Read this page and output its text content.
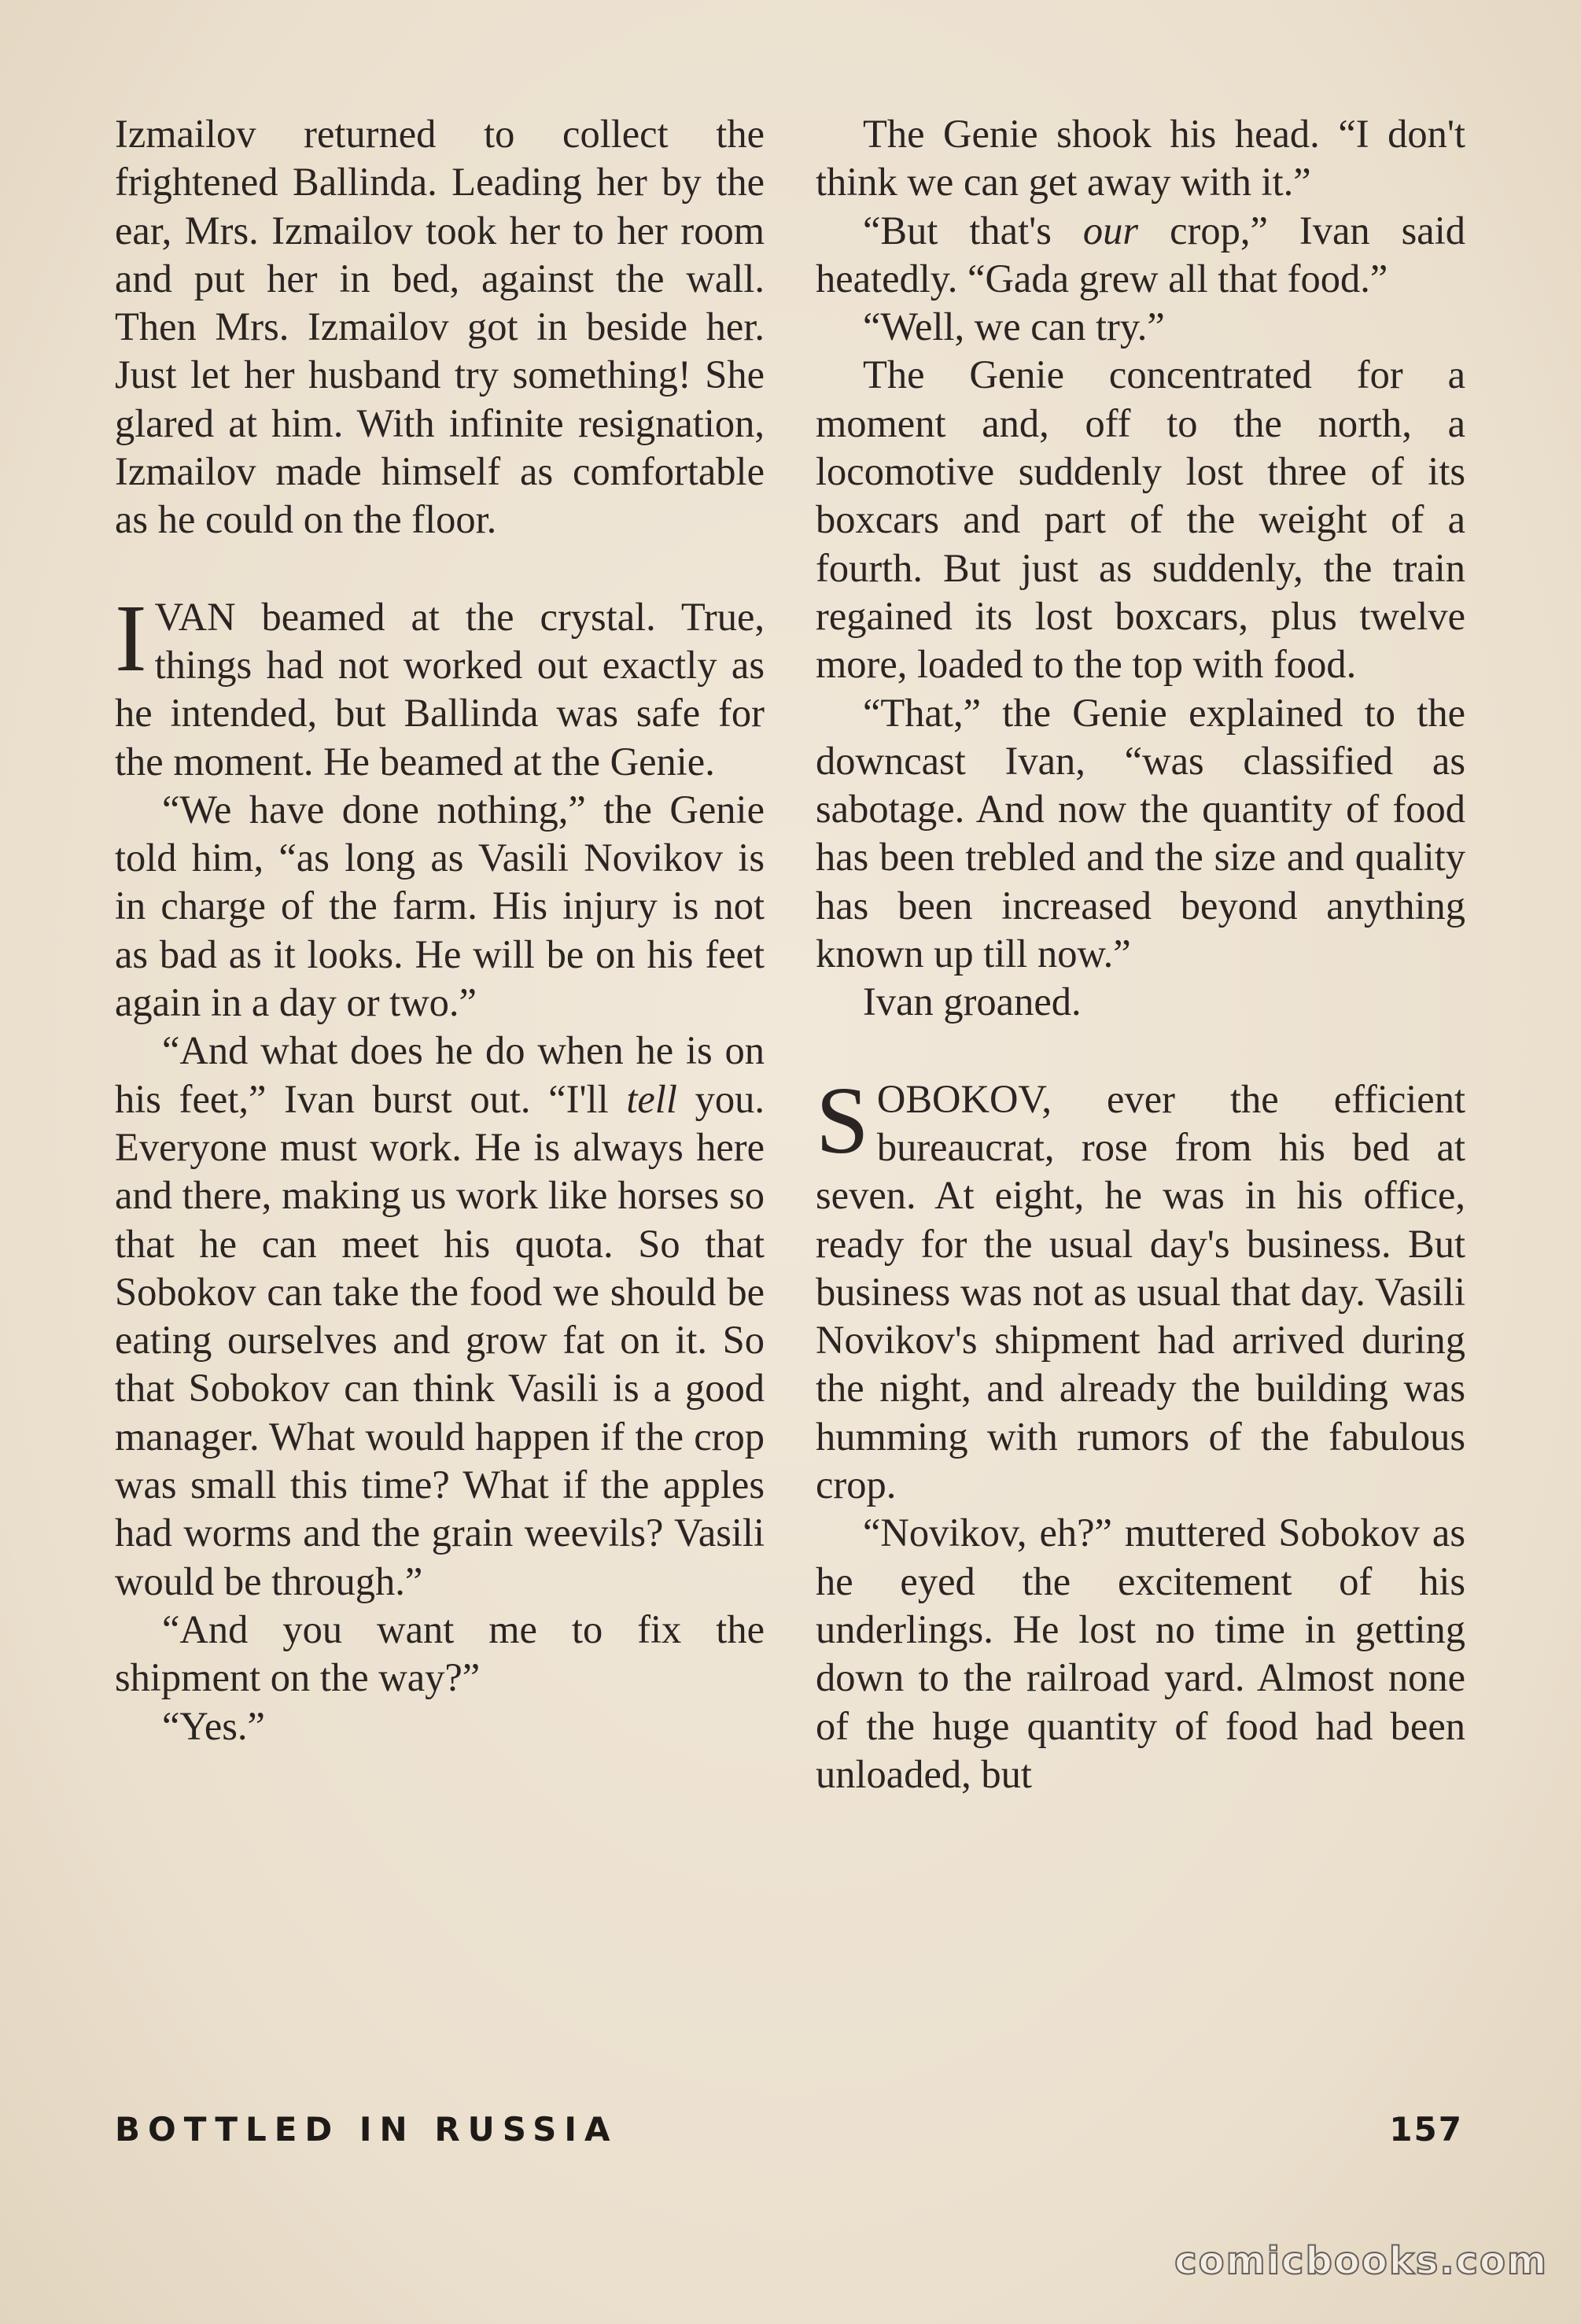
Izmailov returned to collect the frightened Ballinda. Leading her by the ear, Mrs. Izmailov took her to her room and put her in bed, against the wall. Then Mrs. Izmailov got in beside her. Just let her husband try something! She glared at him. With infinite resignation, Izmailov made himself as comfortable as he could on the floor.

IVAN beamed at the crystal. True, things had not worked out exactly as he intended, but Ballinda was safe for the moment. He beamed at the Genie.

“We have done nothing,” the Genie told him, “as long as Vasili Novikov is in charge of the farm. His injury is not as bad as it looks. He will be on his feet again in a day or two.”

“And what does he do when he is on his feet,” Ivan burst out. “I'll tell you. Everyone must work. He is always here and there, making us work like horses so that he can meet his quota. So that Sobokov can take the food we should be eating ourselves and grow fat on it. So that Sobokov can think Vasili is a good manager. What would happen if the crop was small this time? What if the apples had worms and the grain weevils? Vasili would be through.”

“And you want me to fix the shipment on the way?”

“Yes.”

The Genie shook his head. “I don't think we can get away with it.”

“But that's our crop,” Ivan said heatedly. “Gada grew all that food.”

“Well, we can try.”

The Genie concentrated for a moment and, off to the north, a locomotive suddenly lost three of its boxcars and part of the weight of a fourth. But just as suddenly, the train regained its lost boxcars, plus twelve more, loaded to the top with food.

“That,” the Genie explained to the downcast Ivan, “was classified as sabotage. And now the quantity of food has been trebled and the size and quality has been increased beyond anything known up till now.”

Ivan groaned.

SOBOKOV, ever the efficient bureaucrat, rose from his bed at seven. At eight, he was in his office, ready for the usual day's business. But business was not as usual that day. Vasili Novikov's shipment had arrived during the night, and already the building was humming with rumors of the fabulous crop.

“Novikov, eh?” muttered Sobokov as he eyed the excitement of his underlings. He lost no time in getting down to the railroad yard. Almost none of the huge quantity of food had been unloaded, but

BOTTLED IN RUSSIA	157
comicbooks.com
